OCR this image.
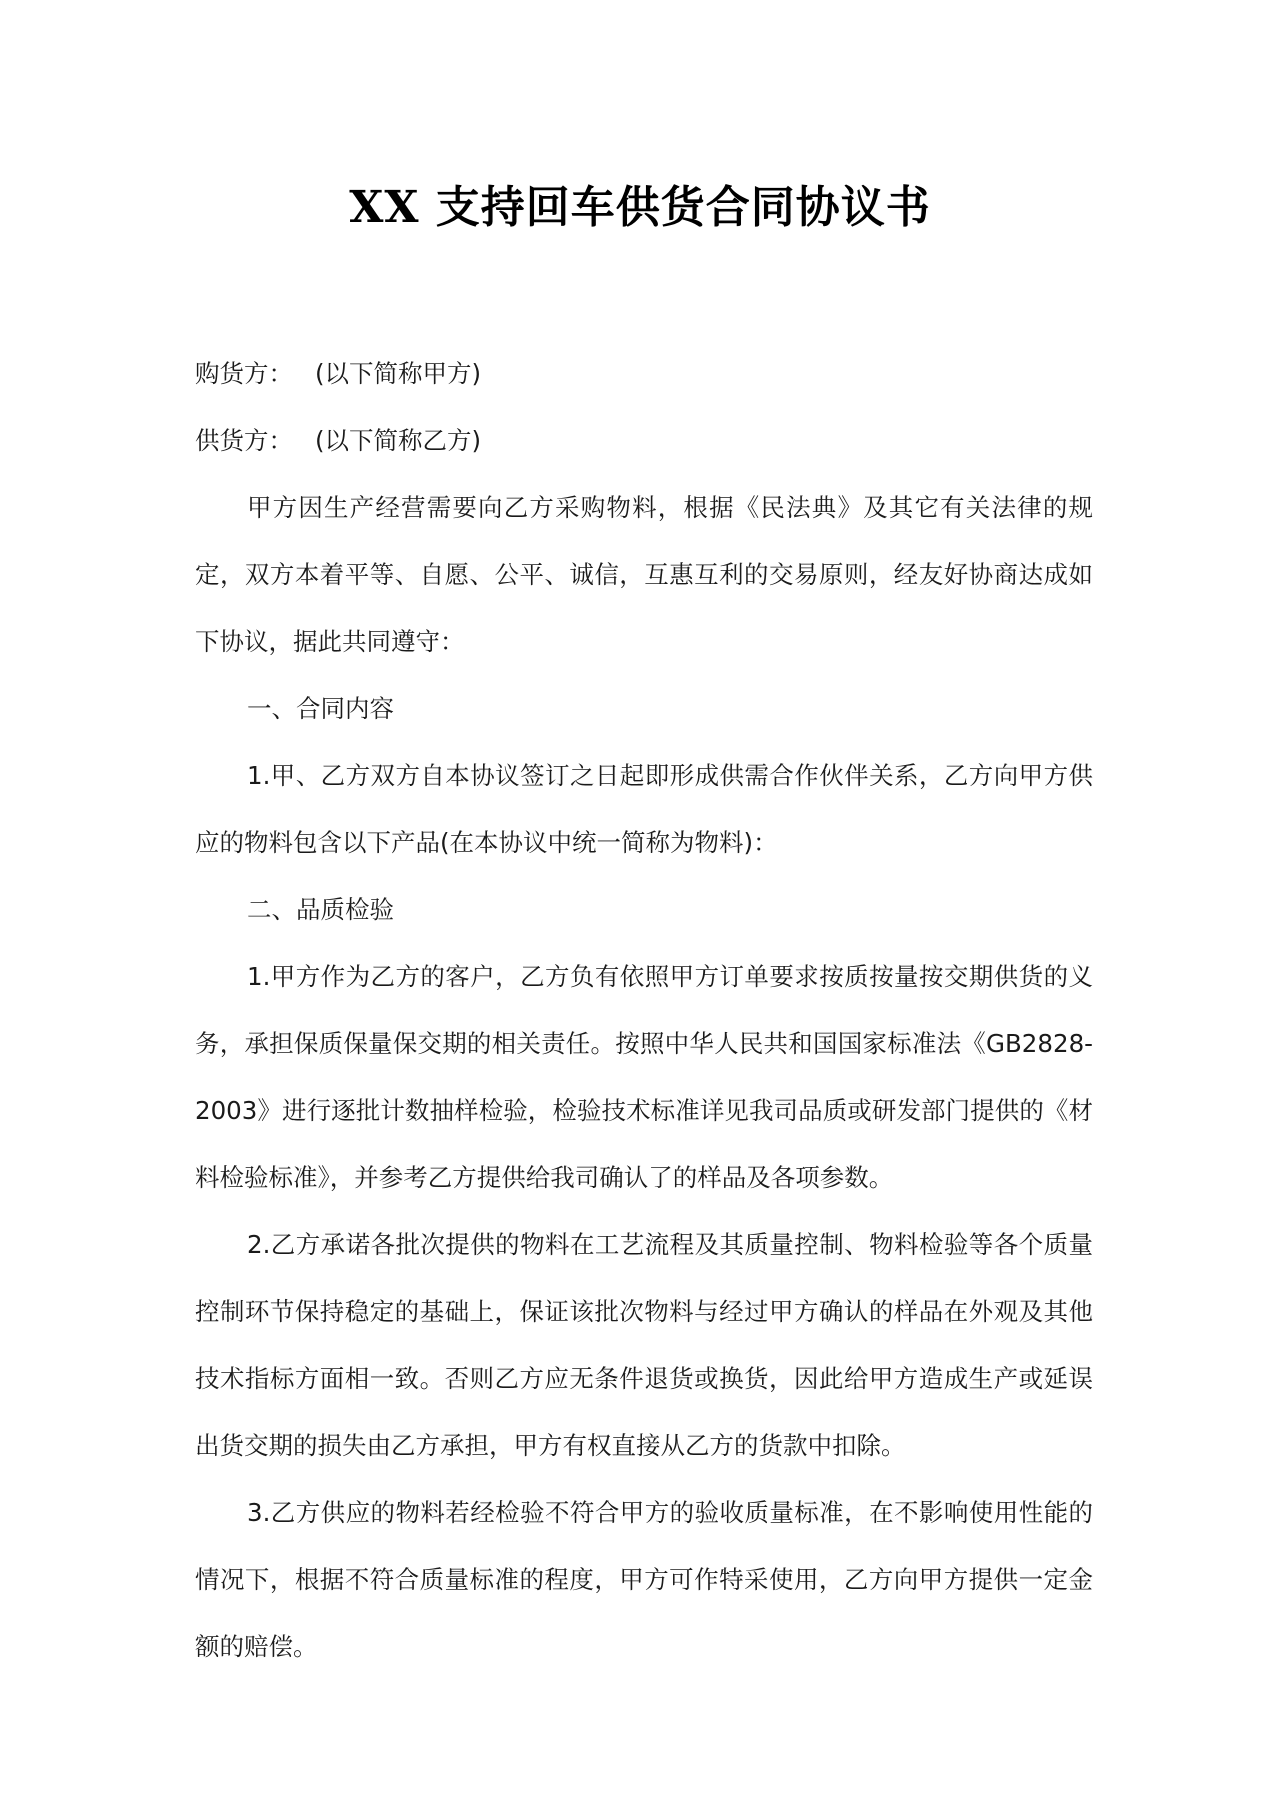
XX 支持回车供货合同协议书

购货方： (以下简称甲方)

供货方： (以下简称乙方)

甲方因生产经营需要向乙方采购物料，根据《民法典》及其它有关法律的规定，双方本着平等、自愿、公平、诚信，互惠互利的交易原则，经友好协商达成如下协议，据此共同遵守：

一、合同内容

1.甲、乙方双方自本协议签订之日起即形成供需合作伙伴关系，乙方向甲方供应的物料包含以下产品(在本协议中统一简称为物料)：

二、品质检验

1.甲方作为乙方的客户，乙方负有依照甲方订单要求按质按量按交期供货的义务，承担保质保量保交期的相关责任。按照中华人民共和国国家标准法《GB2828-2003》进行逐批计数抽样检验，检验技术标准详见我司品质或研发部门提供的《材料检验标准》，并参考乙方提供给我司确认了的样品及各项参数。

2.乙方承诺各批次提供的物料在工艺流程及其质量控制、物料检验等各个质量控制环节保持稳定的基础上，保证该批次物料与经过甲方确认的样品在外观及其他技术指标方面相一致。否则乙方应无条件退货或换货，因此给甲方造成生产或延误出货交期的损失由乙方承担，甲方有权直接从乙方的货款中扣除。

3.乙方供应的物料若经检验不符合甲方的验收质量标准，在不影响使用性能的情况下，根据不符合质量标准的程度，甲方可作特采使用，乙方向甲方提供一定金额的赔偿。
